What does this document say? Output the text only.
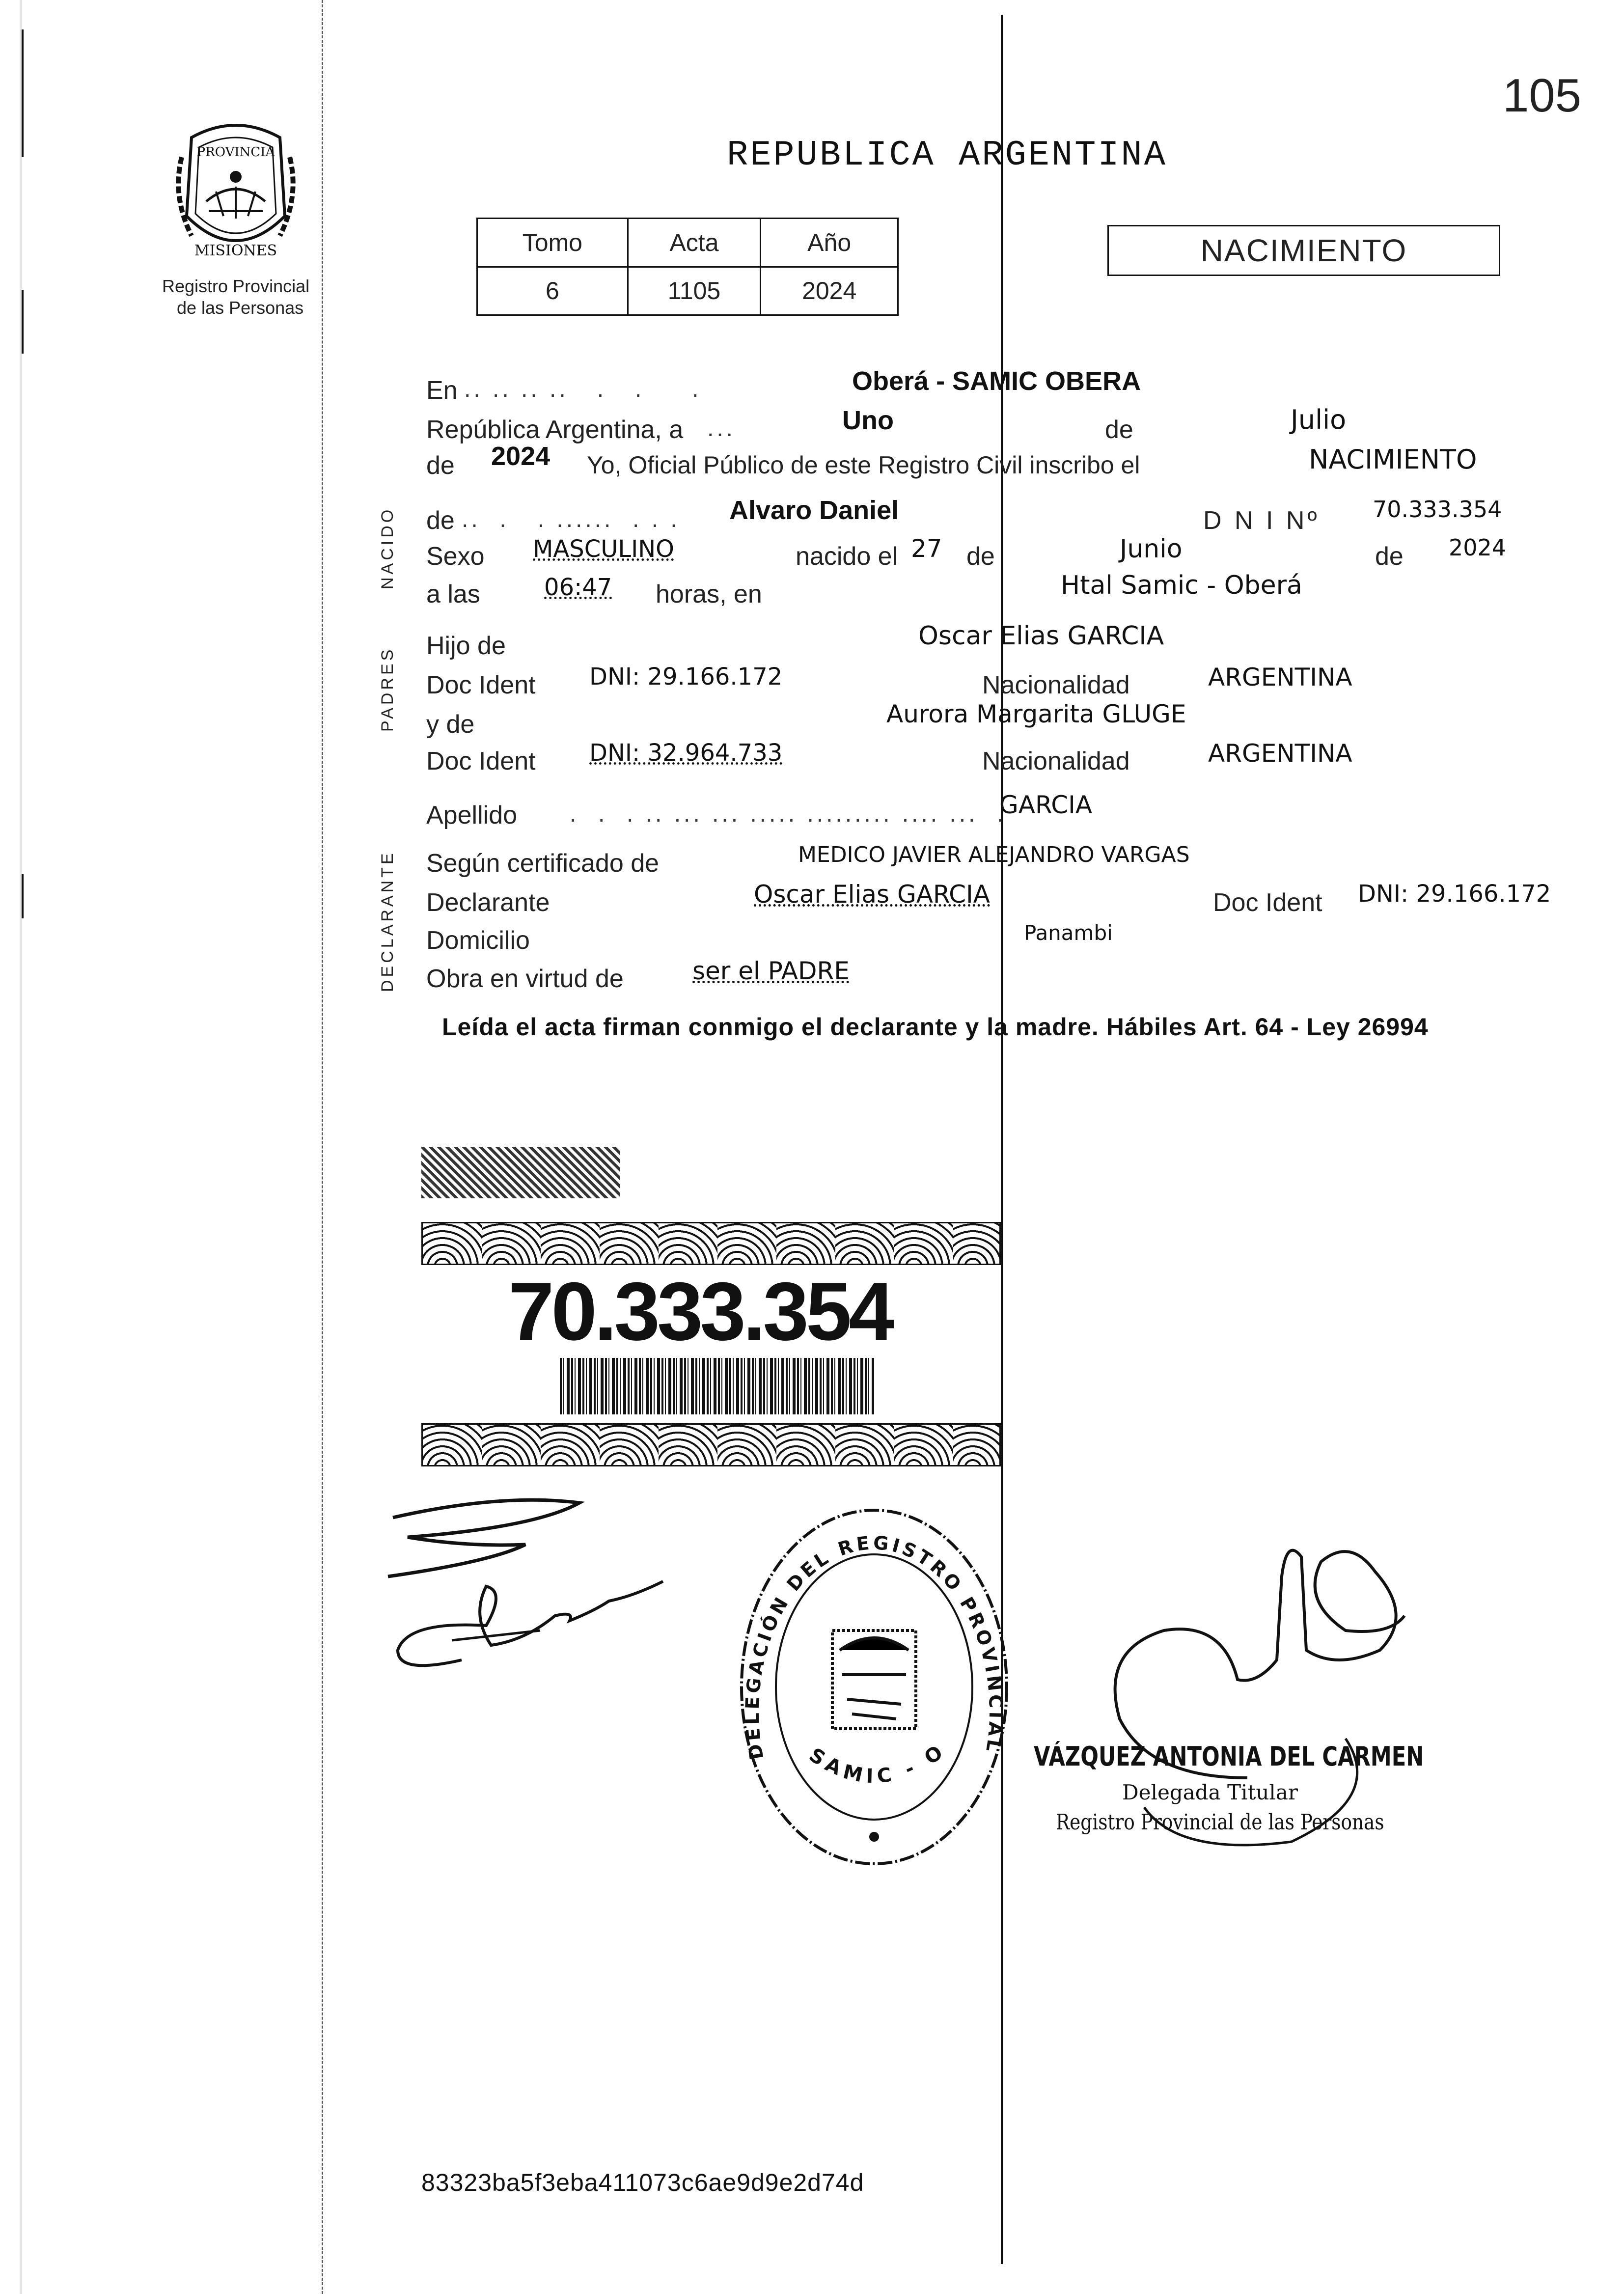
105
PROVINCIA
MISIONES
Registro Provincial
de las Personas
REPUBLICA ARGENTINA
Tomo	Acta	Año
6	1105	2024
NACIMIENTO
NACIDO
PADRES
DECLARANTE
En .. .. .. ..   .   .     .	Oberá - SAMIC OBERA
República Argentina, a ...	Uno	de	Julio
de 2024 Yo, Oficial Público de este Registro Civil inscribo el	NACIMIENTO
de ..  .   . ......  . . . Alvaro Daniel	D N I Nº 70.333.354
Sexo MASCULINO	nacido el 27 de	Junio	de 2024
a las	06:47 horas, en	Htal Samic - Oberá
Hijo de	Oscar Elias GARCIA
Doc Ident DNI: 29.166.172	Nacionalidad	ARGENTINA
y de	Aurora Margarita GLUGE
Doc Ident DNI: 32.964.733	Nacionalidad	ARGENTINA
Apellido .  .  . .. ... ... ..... ......... .... ...  .
GARCIA
Según certificado de	MEDICO JAVIER ALEJANDRO VARGAS
Declarante	Oscar Elias GARCIA	Doc Ident DNI: 29.166.172
Domicilio	Panambi
Obra en virtud de	ser el PADRE
Leída el acta firman conmigo el declarante y la madre. Hábiles Art. 64 - Ley 26994
70.333.354
DELEGACIÓN DEL REGISTRO PROVINCIAL
SAMIC - O	VÁZQUEZ ANTONIA DEL CARMEN
Delegada Titular
Registro Provincial de las Personas
83323ba5f3eba411073c6ae9d9e2d74d
